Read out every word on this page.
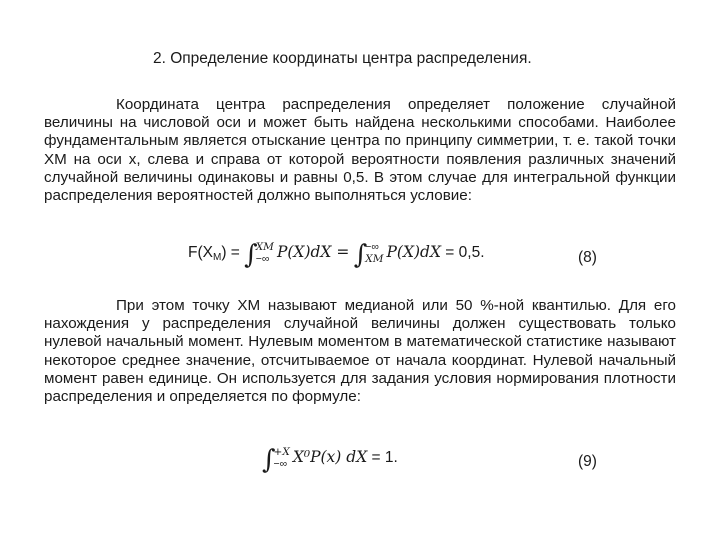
2. Определение координаты центра распределения.

Координата центра распределения определяет положение случайной величины на числовой оси и может быть найдена несколькими способами. Наиболее фундаментальным является отыскание центра по принципу симметрии, т. е. такой точки XM на оси x, слева и справа от которой вероятности появления различных значений случайной величины одинаковы и равны 0,5. В этом случае для интегральной функции распределения вероятностей должно выполняться условие:

$F(X_M)$ = ∫
XM
−∞ P(X)dX = ∫
−∞
XM P(X)dX = 0,5.	(8)

При этом точку XM называют медианой или 50 %-ной квантилью. Для его нахождения у распределения случайной величины должен существовать только нулевой начальный момент. Нулевым моментом в математической статистике называют некоторое среднее значение, отсчитываемое от начала координат. Нулевой начальный момент равен единице. Он используется для задания условия нормирования плотности распределения и определяется по формуле:

∫
+X
−∞ X⁰P(x) dX = 1.	(9)
